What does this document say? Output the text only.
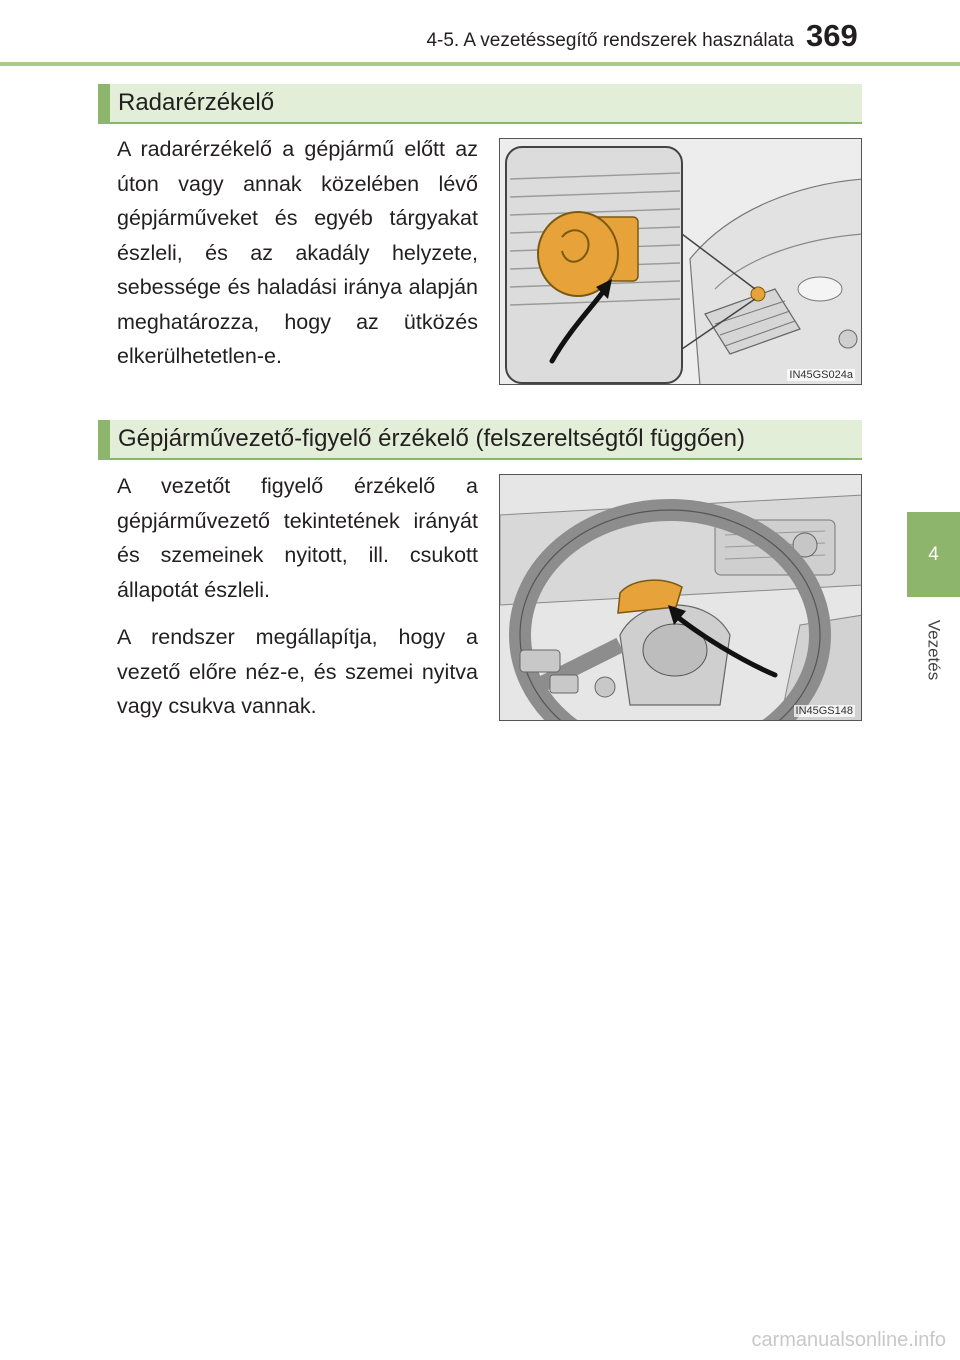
4-5. A vezetéssegítő rendszerek használata 369
4
Vezetés
Radarérzékelő

A radarérzékelő a gépjármű előtt az úton vagy annak közelében lévő gépjárműveket és egyéb tárgyakat észleli, és az akadály helyzete, sebessége és haladási iránya alapján meghatározza, hogy az ütközés elkerülhetetlen-e.

IN45GS024a
Gépjárművezető-figyelő érzékelő (felszereltségtől függően)

A vezetőt figyelő érzékelő a gépjárművezető tekintetének irányát és szemeinek nyitott, ill. csukott állapotát észleli.

A rendszer megállapítja, hogy a vezető előre néz-e, és szemei nyitva vagy csukva vannak.	IN45GS148
carmanualsonline.info
